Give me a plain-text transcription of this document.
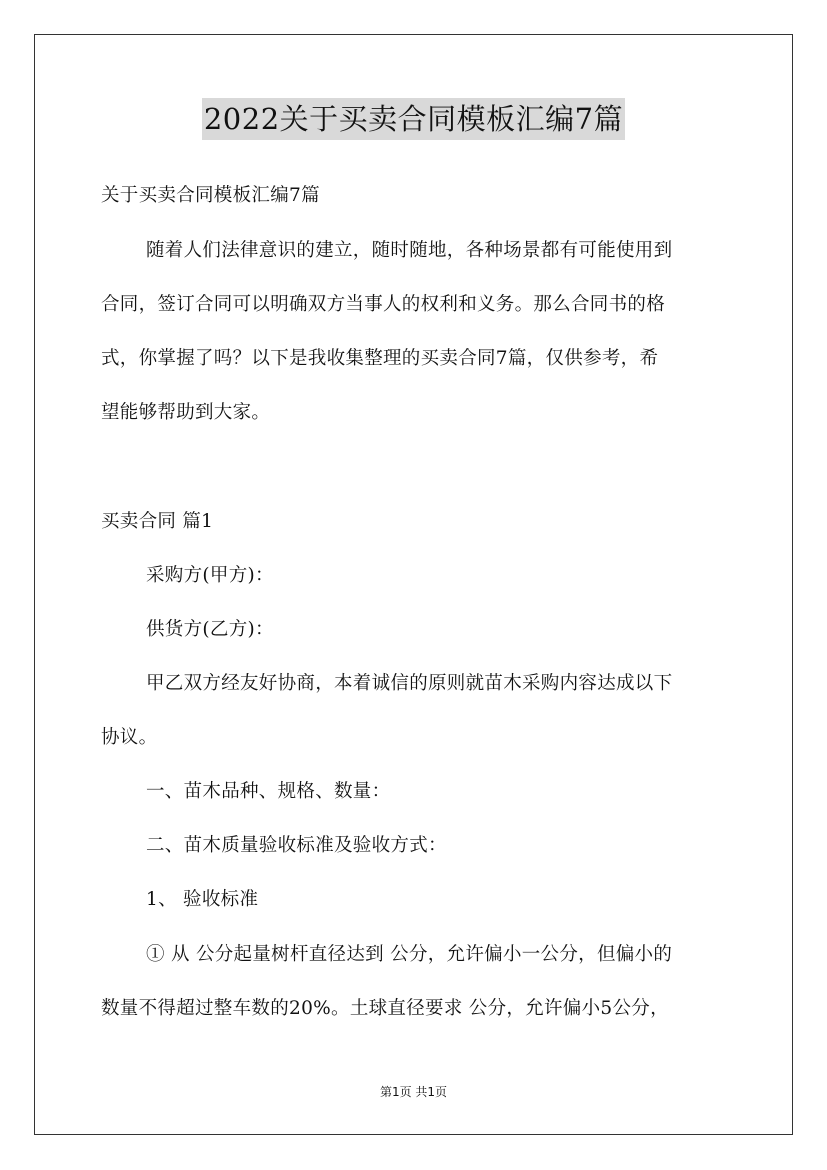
2022关于买卖合同模板汇编7篇
关于买卖合同模板汇编7篇
随着人们法律意识的建立，随时随地，各种场景都有可能使用到
合同，签订合同可以明确双方当事人的权利和义务。那么合同书的格
式，你掌握了吗？以下是我收集整理的买卖合同7篇，仅供参考，希
望能够帮助到大家。
买卖合同 篇1
采购方(甲方)：
供货方(乙方)：
甲乙双方经友好协商，本着诚信的原则就苗木采购内容达成以下
协议。
一、苗木品种、规格、数量：
二、苗木质量验收标准及验收方式：
1、 验收标准
① 从 公分起量树杆直径达到 公分，允许偏小一公分，但偏小的
数量不得超过整车数的20%。土球直径要求 公分，允许偏小5公分，
第1页 共1页
